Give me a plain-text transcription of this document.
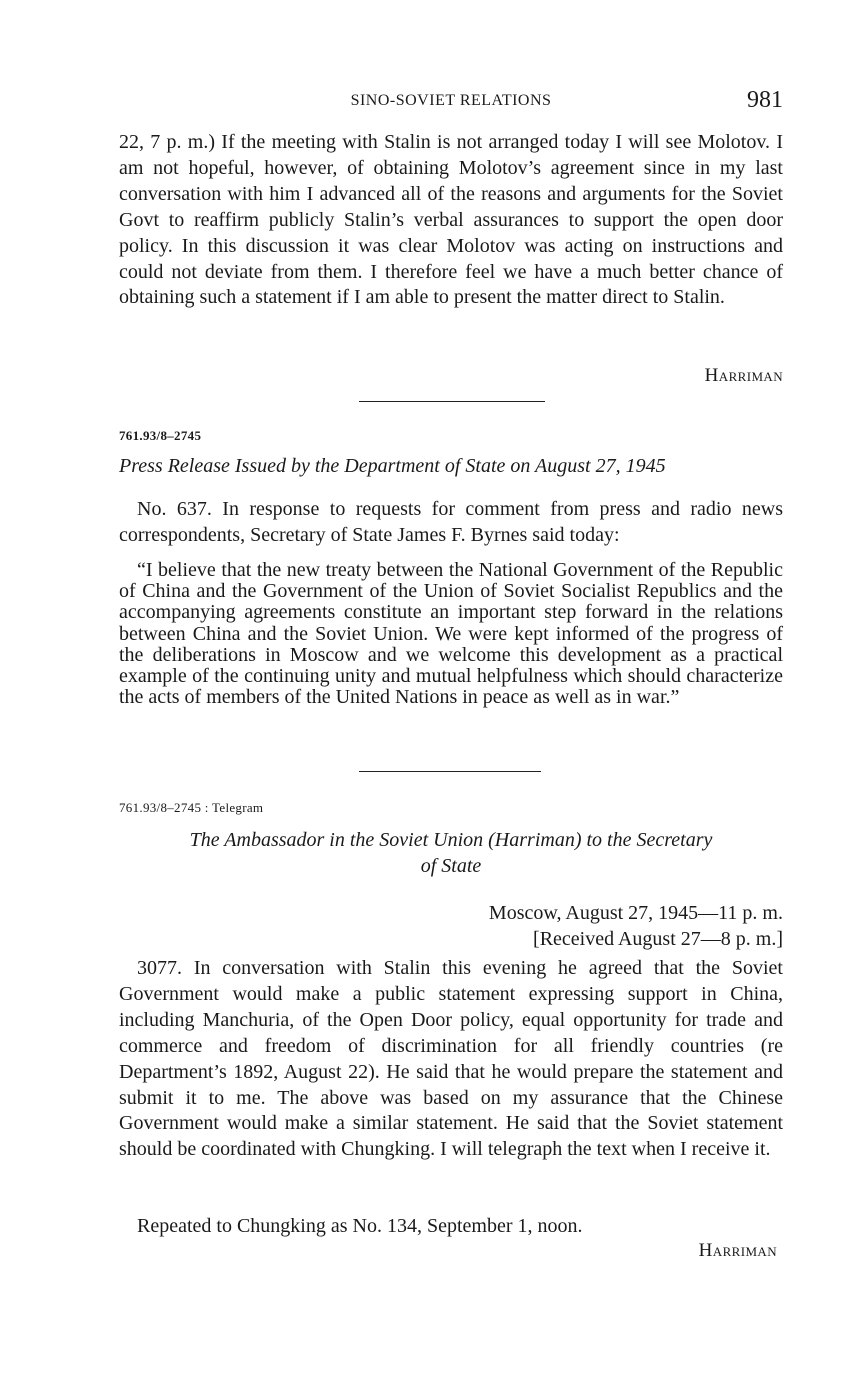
SINO-SOVIET RELATIONS	981

22, 7 p. m.) If the meeting with Stalin is not arranged today I will see Molotov. I am not hopeful, however, of obtaining Molotov’s agreement since in my last conversation with him I advanced all of the reasons and arguments for the Soviet Govt to reaffirm publicly Stalin’s verbal assurances to support the open door policy. In this discussion it was clear Molotov was acting on instructions and could not deviate from them. I therefore feel we have a much better chance of obtaining such a statement if I am able to present the matter direct to Stalin.

Harriman
761.93/8–2745
Press Release Issued by the Department of State on August 27, 1945

No. 637. In response to requests for comment from press and radio news correspondents, Secretary of State James F. Byrnes said today:

“I believe that the new treaty between the National Government of the Republic of China and the Government of the Union of Soviet Socialist Republics and the accompanying agreements constitute an important step forward in the relations between China and the Soviet Union. We were kept informed of the progress of the deliberations in Moscow and we welcome this development as a practical example of the continuing unity and mutual helpfulness which should characterize the acts of members of the United Nations in peace as well as in war.”

761.93/8–2745 : Telegram
The Ambassador in the Soviet Union (Harriman) to the Secretary
of State
Moscow, August 27, 1945—11 p. m.
[Received August 27—8 p. m.]

3077. In conversation with Stalin this evening he agreed that the Soviet Government would make a public statement expressing support in China, including Manchuria, of the Open Door policy, equal opportunity for trade and commerce and freedom of discrimination for all friendly countries (re Department’s 1892, August 22). He said that he would prepare the statement and submit it to me. The above was based on my assurance that the Chinese Government would make a similar statement. He said that the Soviet statement should be coordinated with Chungking. I will telegraph the text when I receive it.

Repeated to Chungking as No. 134, September 1, noon.

Harriman
